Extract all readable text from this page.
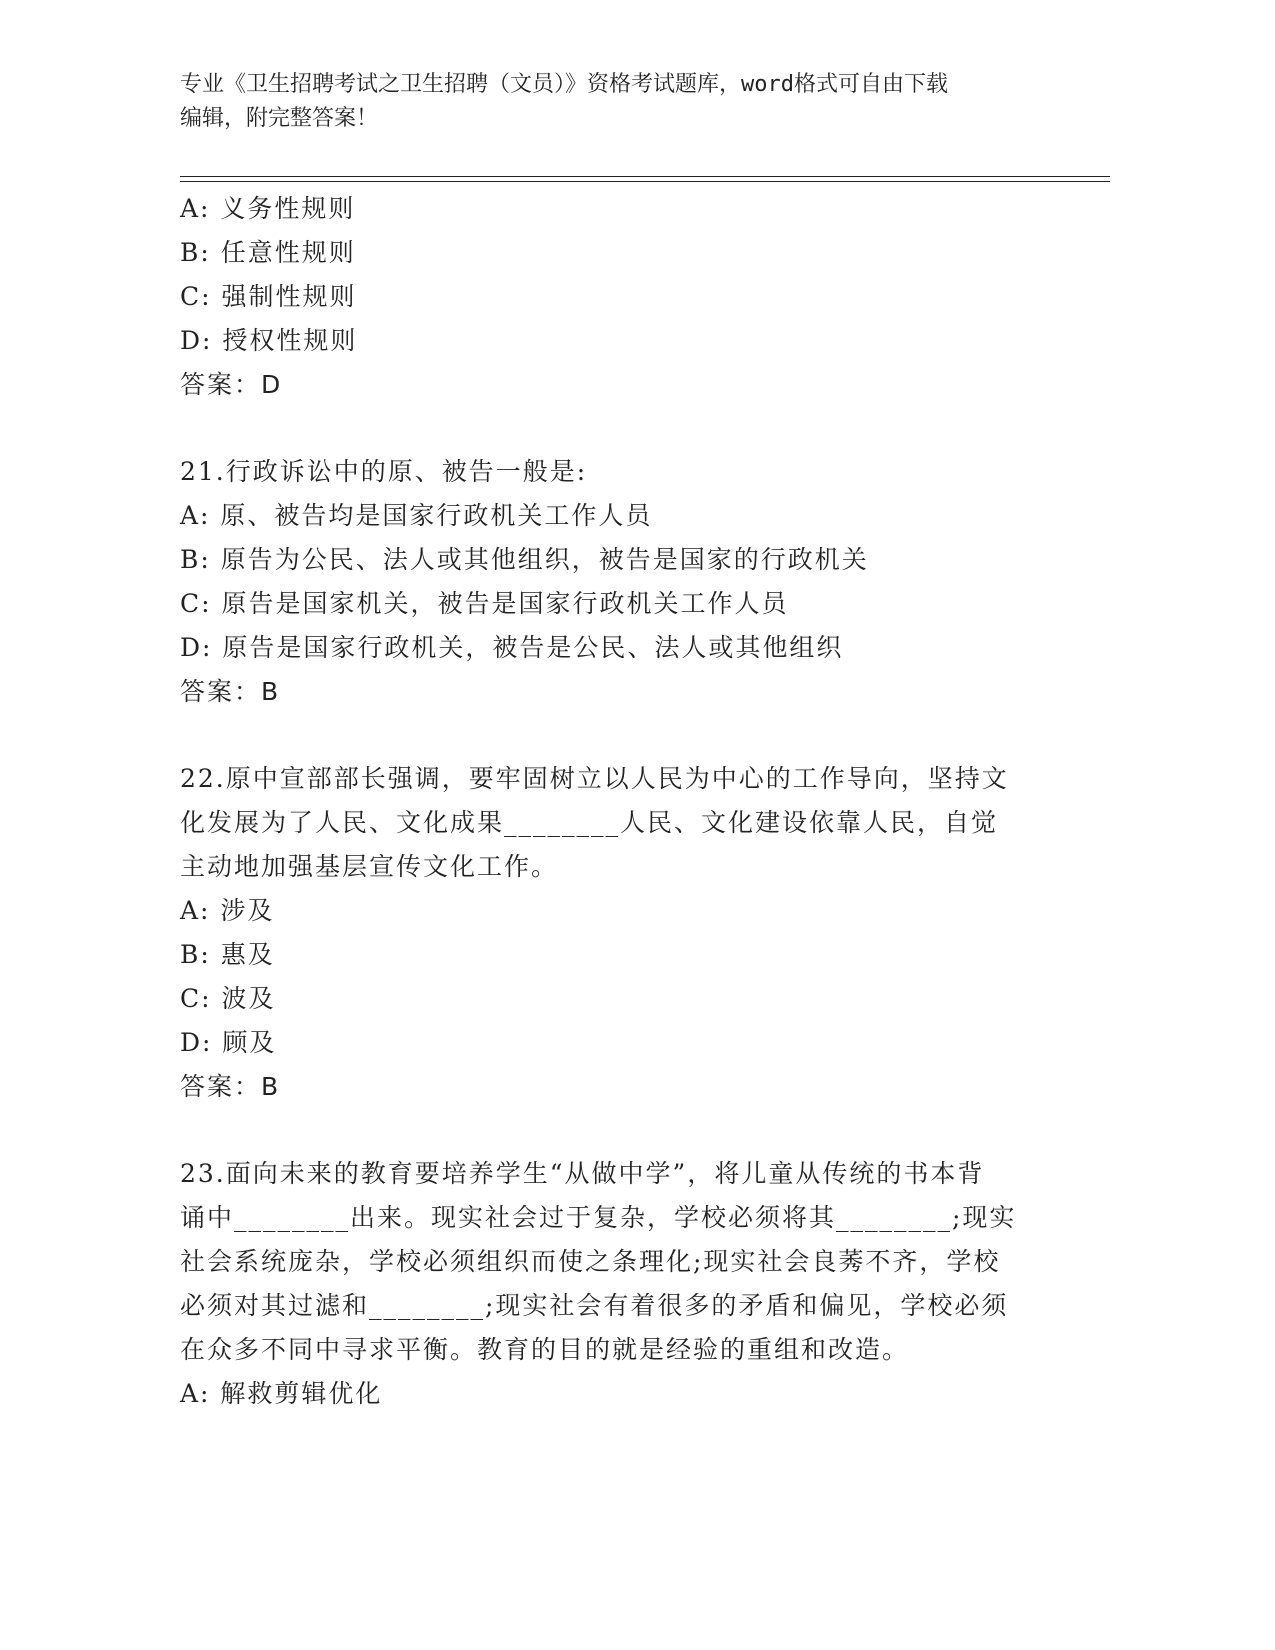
专业《卫生招聘考试之卫生招聘（文员）》资格考试题库，word格式可自由下载
编辑，附完整答案！
A: 义务性规则
B: 任意性规则
C: 强制性规则
D: 授权性规则
答案：D
21.行政诉讼中的原、被告一般是:
A: 原、被告均是国家行政机关工作人员
B: 原告为公民、法人或其他组织，被告是国家的行政机关
C: 原告是国家机关，被告是国家行政机关工作人员
D: 原告是国家行政机关，被告是公民、法人或其他组织
答案：B
22.原中宣部部长强调，要牢固树立以人民为中心的工作导向，坚持文
化发展为了人民、文化成果________人民、文化建设依靠人民，自觉
主动地加强基层宣传文化工作。
A: 涉及
B: 惠及
C: 波及
D: 顾及
答案：B
23.面向未来的教育要培养学生“从做中学”，将儿童从传统的书本背
诵中________出来。现实社会过于复杂，学校必须将其________;现实
社会系统庞杂，学校必须组织而使之条理化;现实社会良莠不齐，学校
必须对其过滤和________;现实社会有着很多的矛盾和偏见，学校必须
在众多不同中寻求平衡。教育的目的就是经验的重组和改造。
A: 解救剪辑优化
